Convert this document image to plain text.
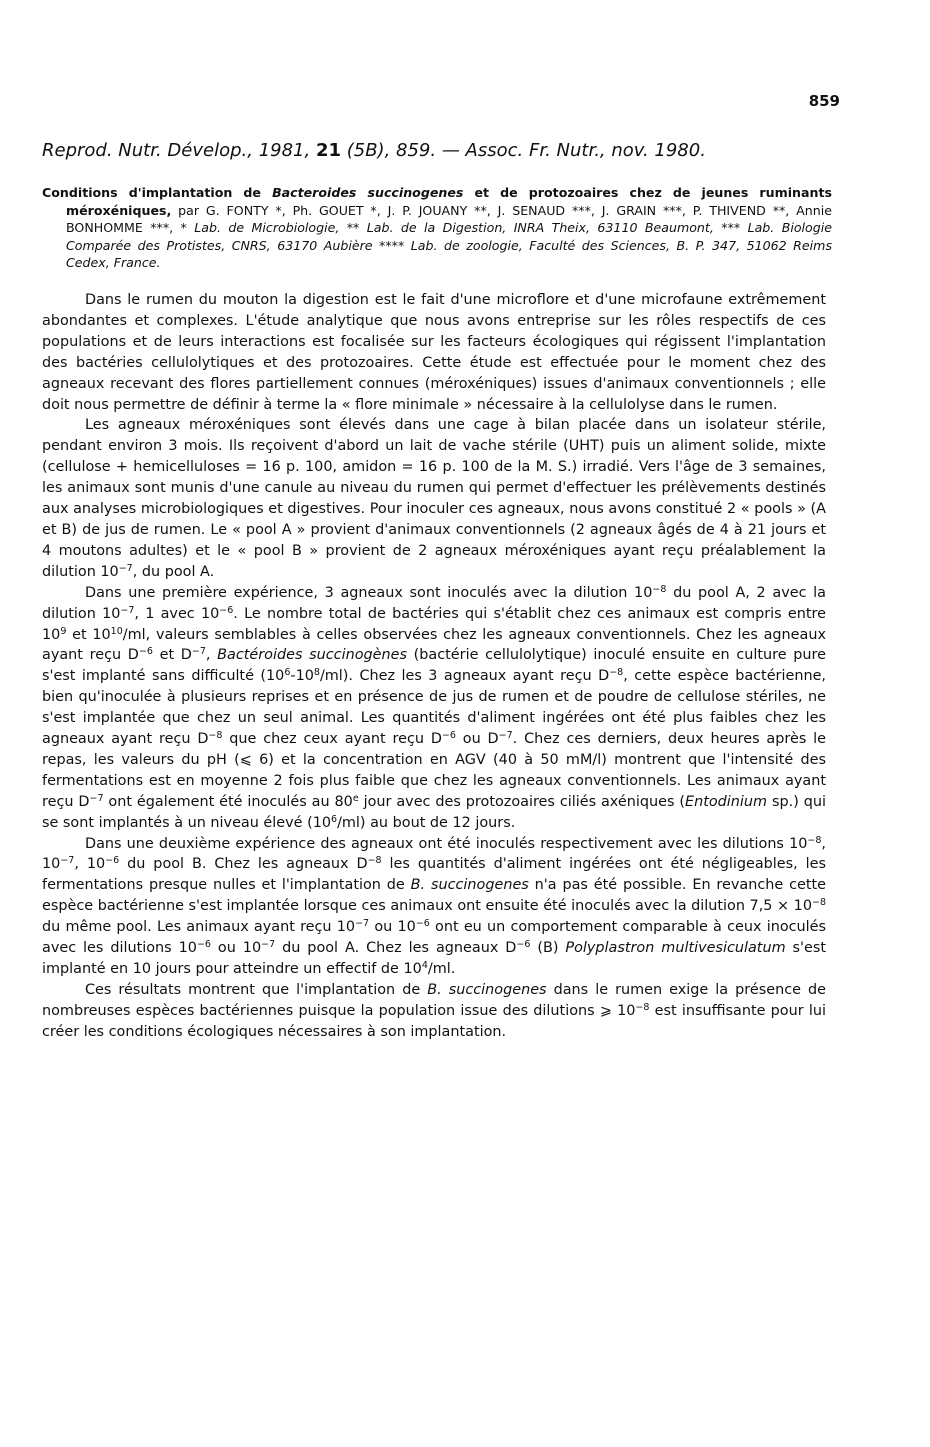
859
Reprod. Nutr. Dévelop., 1981, 21 (5B), 859. — Assoc. Fr. Nutr., nov. 1980.

Conditions d'implantation de Bacteroides succinogenes et de protozoaires chez de jeunes ruminants méroxéniques, par G. FONTY *, Ph. GOUET *, J. P. JOUANY **, J. SENAUD ***, J. GRAIN ***, P. THIVEND **, Annie BONHOMME ***, * Lab. de Microbiologie, ** Lab. de la Digestion, INRA Theix, 63110 Beaumont, *** Lab. Biologie Comparée des Protistes, CNRS, 63170 Aubière **** Lab. de zoologie, Faculté des Sciences, B. P. 347, 51062 Reims Cedex, France.

Dans le rumen du mouton la digestion est le fait d'une microflore et d'une microfaune extrêmement abondantes et complexes. L'étude analytique que nous avons entreprise sur les rôles respectifs de ces populations et de leurs interactions est focalisée sur les facteurs écologiques qui régissent l'implantation des bactéries cellulolytiques et des protozoaires. Cette étude est effectuée pour le moment chez des agneaux recevant des flores partiellement connues (méroxéniques) issues d'animaux conventionnels ; elle doit nous permettre de définir à terme la « flore minimale » nécessaire à la cellulolyse dans le rumen.

Les agneaux méroxéniques sont élevés dans une cage à bilan placée dans un isolateur stérile, pendant environ 3 mois. Ils reçoivent d'abord un lait de vache stérile (UHT) puis un aliment solide, mixte (cellulose + hemicelluloses = 16 p. 100, amidon = 16 p. 100 de la M. S.) irradié. Vers l'âge de 3 semaines, les animaux sont munis d'une canule au niveau du rumen qui permet d'effectuer les prélèvements destinés aux analyses microbiologiques et digestives. Pour inoculer ces agneaux, nous avons constitué 2 « pools » (A et B) de jus de rumen. Le « pool A » provient d'animaux conventionnels (2 agneaux âgés de 4 à 21 jours et 4 moutons adultes) et le « pool B » provient de 2 agneaux méroxéniques ayant reçu préalablement la dilution $10^{-7}$, du pool A.

Dans une première expérience, 3 agneaux sont inoculés avec la dilution $10^{-8}$ du pool A, 2 avec la dilution $10^{-7}$, 1 avec $10^{-6}$. Le nombre total de bactéries qui s'établit chez ces animaux est compris entre $10^9$ et $10^{10}/ml$, valeurs semblables à celles observées chez les agneaux conventionnels. Chez les agneaux ayant reçu $D^{-6}$ et $D^{-7}$, Bactéroides succinogènes (bactérie cellulolytique) inoculé ensuite en culture pure s'est implanté sans difficulté $(10^6-10^8/ml)$. Chez les 3 agneaux ayant reçu $D^{-8}$, cette espèce bactérienne, bien qu'inoculée à plusieurs reprises et en présence de jus de rumen et de poudre de cellulose stériles, ne s'est implantée que chez un seul animal. Les quantités d'aliment ingérées ont été plus faibles chez les agneaux ayant reçu $D^{-8}$ que chez ceux ayant reçu $D^{-6}$ ou $D^{-7}$. Chez ces derniers, deux heures après le repas, les valeurs du pH (⩽ 6) et la concentration en AGV (40 à 50 mM/l) montrent que l'intensité des fermentations est en moyenne 2 fois plus faible que chez les agneaux conventionnels. Les animaux ayant reçu $D^{-7}$ ont également été inoculés au 80e jour avec des protozoaires ciliés axéniques (Entodinium sp.) qui se sont implantés à un niveau élevé $(10^6/ml)$ au bout de 12 jours.

Dans une deuxième expérience des agneaux ont été inoculés respectivement avec les dilutions $10^{-8}$, $10^{-7}$, $10^{-6}$ du pool B. Chez les agneaux $D^{-8}$ les quantités d'aliment ingérées ont été négligeables, les fermentations presque nulles et l'implantation de B. succinogenes n'a pas été possible. En revanche cette espèce bactérienne s'est implantée lorsque ces animaux ont ensuite été inoculés avec la dilution $7,5 \times 10^{-8}$ du même pool. Les animaux ayant reçu $10^{-7}$ ou $10^{-6}$ ont eu un comportement comparable à ceux inoculés avec les dilutions $10^{-6}$ ou $10^{-7}$ du pool A. Chez les agneaux $D^{-6}$ (B) Polyplastron multivesiculatum s'est implanté en 10 jours pour atteindre un effectif de $10^4/ml$.

Ces résultats montrent que l'implantation de B. succinogenes dans le rumen exige la présence de nombreuses espèces bactériennes puisque la population issue des dilutions ⩾ $10^{-8}$ est insuffisante pour lui créer les conditions écologiques nécessaires à son implantation.
